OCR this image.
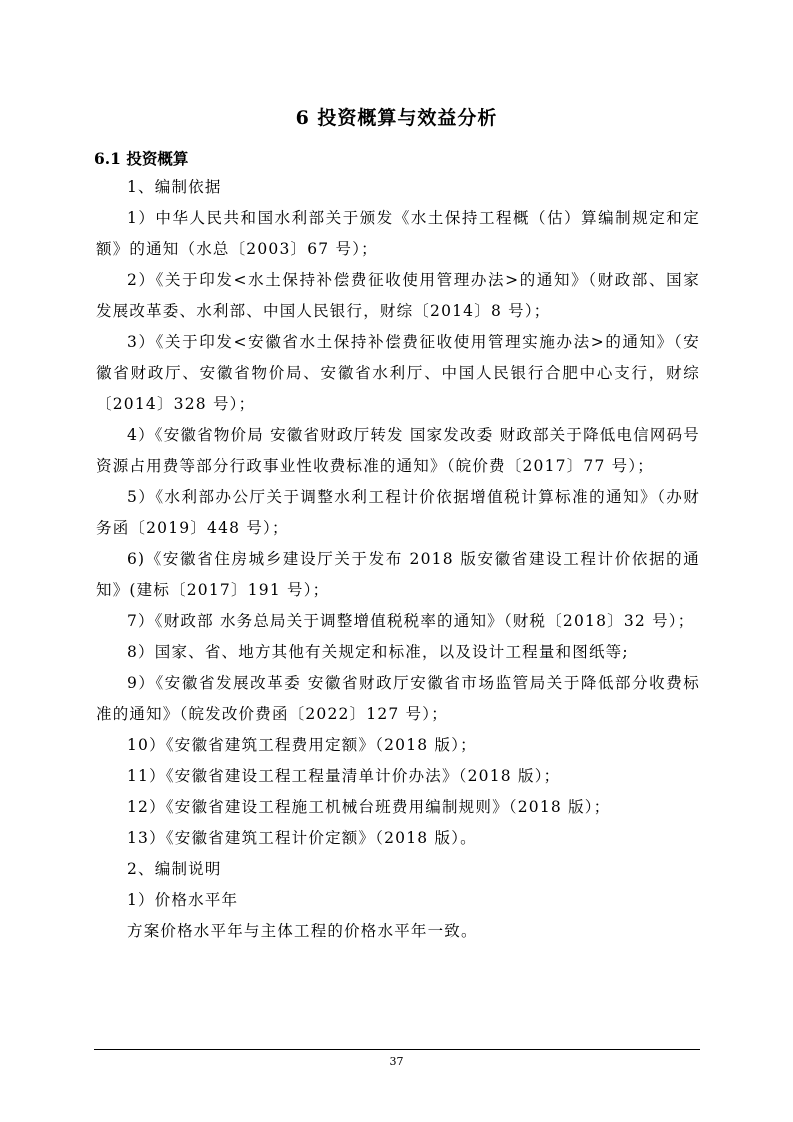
6 投资概算与效益分析
6.1 投资概算

1、编制依据

1）中华人民共和国水利部关于颁发《水土保持工程概（估）算编制规定和定额》的通知（水总〔2003〕67 号）；

2）《关于印发<水土保持补偿费征收使用管理办法>的通知》（财政部、国家发展改革委、水利部、中国人民银行，财综〔2014〕8 号）；

3）《关于印发<安徽省水土保持补偿费征收使用管理实施办法>的通知》（安徽省财政厅、安徽省物价局、安徽省水利厅、中国人民银行合肥中心支行，财综〔2014〕328 号）；

4）《安徽省物价局 安徽省财政厅转发 国家发改委 财政部关于降低电信网码号资源占用费等部分行政事业性收费标准的通知》（皖价费〔2017〕77 号）；

5）《水利部办公厅关于调整水利工程计价依据增值税计算标准的通知》（办财务函〔2019〕448 号）；

6)《安徽省住房城乡建设厅关于发布 2018 版安徽省建设工程计价依据的通知》(建标〔2017〕191 号）；

7）《财政部 水务总局关于调整增值税税率的通知》（财税〔2018〕32 号）；

8）国家、省、地方其他有关规定和标准，以及设计工程量和图纸等;

9）《安徽省发展改革委 安徽省财政厅安徽省市场监管局关于降低部分收费标准的通知》（皖发改价费函〔2022〕127 号）；

10）《安徽省建筑工程费用定额》（2018 版）；

11）《安徽省建设工程工程量清单计价办法》（2018 版）；

12）《安徽省建设工程施工机械台班费用编制规则》（2018 版）；

13）《安徽省建筑工程计价定额》（2018 版）。

2、编制说明

1）价格水平年

方案价格水平年与主体工程的价格水平年一致。

37
